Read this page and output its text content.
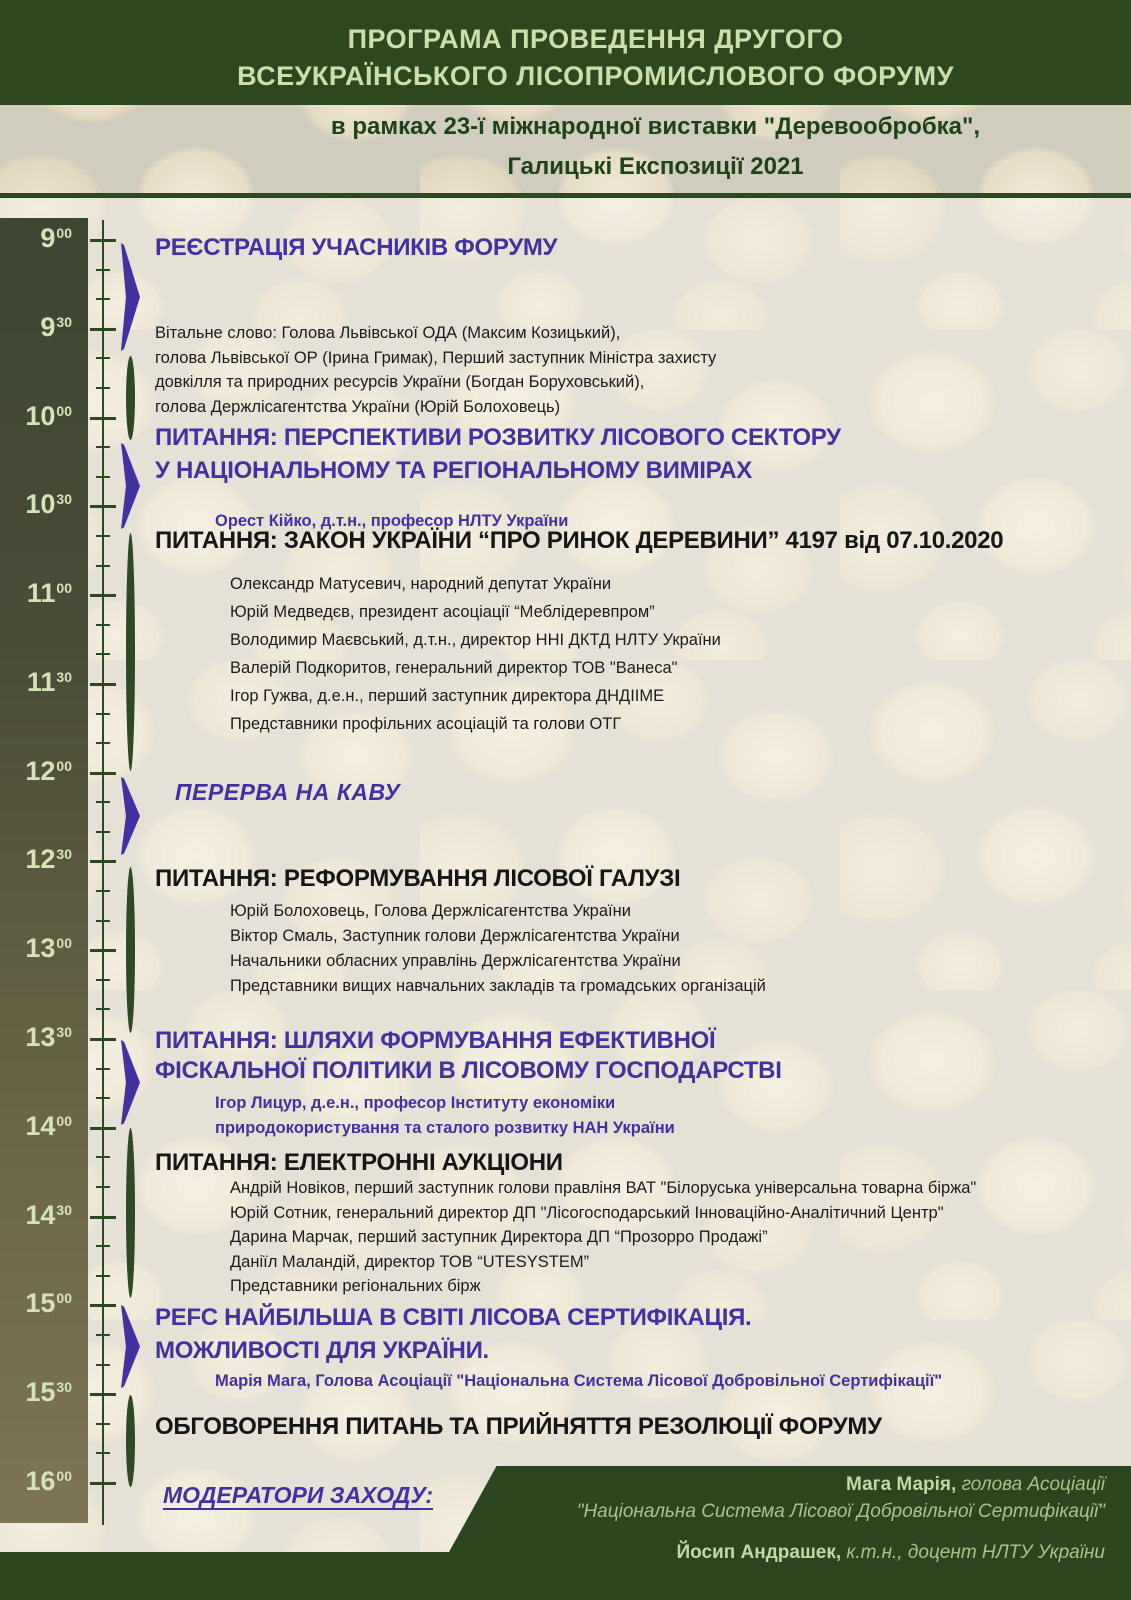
ПРОГРАМА ПРОВЕДЕННЯ ДРУГОГО
ВСЕУКРАЇНСЬКОГО ЛІСОПРОМИСЛОВОГО ФОРУМУ
в рамках 23-ї міжнародної виставки "Деревообробка",
Галицькі Експозиції 2021
$9^{00}$
$9^{30}$
$10^{00}$
$10^{30}$
$11^{00}$
$11^{30}$
$12^{00}$
$12^{30}$
$13^{00}$
$13^{30}$
$14^{00}$
$14^{30}$
$15^{00}$
$15^{30}$
$16^{00}$
РЕЄСТРАЦІЯ УЧАСНИКІВ ФОРУМУ
Вітальне слово: Голова Львівської ОДА (Максим Козицький),
голова Львівської ОР (Ірина Гримак), Перший заступник Міністра захисту
довкілля та природних ресурсів України (Богдан Боруховський),
голова Держлісагентства України (Юрій Болоховець)
ПИТАННЯ: ПЕРСПЕКТИВИ РОЗВИТКУ ЛІСОВОГО СЕКТОРУ
У НАЦІОНАЛЬНОМУ ТА РЕГІОНАЛЬНОМУ ВИМІРАХ
Орест Кійко, д.т.н., професор НЛТУ України
ПИТАННЯ: ЗАКОН УКРАЇНИ “ПРО РИНОК ДЕРЕВИНИ” 4197 від 07.10.2020
Олександр Матусевич, народний депутат України
Юрій Медведєв, президент асоціації “Меблідеревпром”
Володимир Маєвський, д.т.н., директор ННІ ДКТД НЛТУ України
Валерій Подкоритов, генеральний директор ТОВ "Ванеса"
Ігор Гужва, д.е.н., перший заступник директора ДНДІІМЕ
Представники профільних асоціацій та голови ОТГ
ПЕРЕРВА НА КАВУ
ПИТАННЯ: РЕФОРМУВАННЯ ЛІСОВОЇ ГАЛУЗІ
Юрій Болоховець, Голова Держлісагентства України
Віктор Смаль, Заступник голови Держлісагентства України
Начальники обласних управлінь Держлісагентства України
Представники вищих навчальних закладів та громадських організацій
ПИТАННЯ: ШЛЯХИ ФОРМУВАННЯ ЕФЕКТИВНОЇ
ФІСКАЛЬНОЇ ПОЛІТИКИ В ЛІСОВОМУ ГОСПОДАРСТВІ
Ігор Лицур, д.е.н., професор Інституту економіки
природокористування та сталого розвитку НАН України
ПИТАННЯ: ЕЛЕКТРОННІ АУКЦІОНИ
Андрій Новіков, перший заступник голови правліня ВАТ "Білоруська універсальна товарна біржа"
Юрій Сотник, генеральний директор ДП "Лісогосподарський Інноваційно-Аналітичний Центр"
Дарина Марчак, перший заступник Директора ДП “Прозорро Продажі”
Даніїл Маландій, директор ТОВ “UTESYSTEM”
Представники регіональних бірж
PEFC НАЙБІЛЬША В СВІТІ ЛІСОВА СЕРТИФІКАЦІЯ.
МОЖЛИВОСТІ ДЛЯ УКРАЇНИ.
Марія Мага, Голова Асоціації "Національна Система Лісової Добровільної Сертифікації"
ОБГОВОРЕННЯ ПИТАНЬ ТА ПРИЙНЯТТЯ РЕЗОЛЮЦІЇ ФОРУМУ
МОДЕРАТОРИ ЗАХОДУ:	Мага Марія, голова Асоціації
"Національна Система Лісової Добровільної Сертифікації"
Йосип Андрашек, к.т.н., доцент НЛТУ України
